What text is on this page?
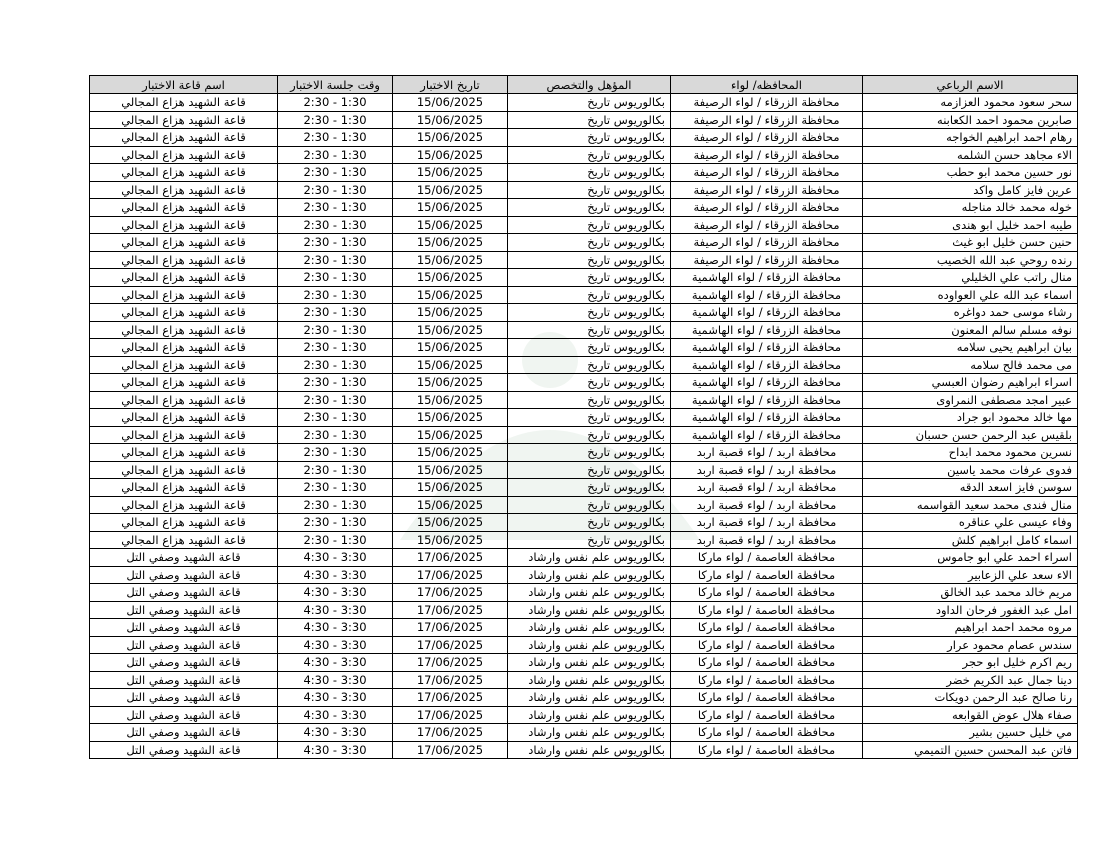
الاسم الرباعي	المحافظه/ لواء	المؤهل والتخصص	تاريخ الاختبار	وقت جلسة الاختبار	اسم قاعة الاختبار
سحر سعود محمود العزازمه	محافظة الزرقاء / لواء الرصيفة	بكالوريوس تاريخ	15/06/2025	2:30 - 1:30	قاعة الشهيد هزاع المجالي
صابرين محمود احمد الكعابنه	محافظة الزرقاء / لواء الرصيفة	بكالوريوس تاريخ	15/06/2025	2:30 - 1:30	قاعة الشهيد هزاع المجالي
رهام احمد ابراهيم الخواجه	محافظة الزرقاء / لواء الرصيفة	بكالوريوس تاريخ	15/06/2025	2:30 - 1:30	قاعة الشهيد هزاع المجالي
الاء مجاهد حسن الشلمه	محافظة الزرقاء / لواء الرصيفة	بكالوريوس تاريخ	15/06/2025	2:30 - 1:30	قاعة الشهيد هزاع المجالي
نور حسين محمد ابو حطب	محافظة الزرقاء / لواء الرصيفة	بكالوريوس تاريخ	15/06/2025	2:30 - 1:30	قاعة الشهيد هزاع المجالي
عرين فايز كامل واكد	محافظة الزرقاء / لواء الرصيفة	بكالوريوس تاريخ	15/06/2025	2:30 - 1:30	قاعة الشهيد هزاع المجالي
خوله محمد خالد مناجله	محافظة الزرقاء / لواء الرصيفة	بكالوريوس تاريخ	15/06/2025	2:30 - 1:30	قاعة الشهيد هزاع المجالي
طيبه احمد خليل ابو هندى	محافظة الزرقاء / لواء الرصيفة	بكالوريوس تاريخ	15/06/2025	2:30 - 1:30	قاعة الشهيد هزاع المجالي
حنين حسن خليل ابو غيث	محافظة الزرقاء / لواء الرصيفة	بكالوريوس تاريخ	15/06/2025	2:30 - 1:30	قاعة الشهيد هزاع المجالي
رنده روحي عبد الله الخصيب	محافظة الزرقاء / لواء الرصيفة	بكالوريوس تاريخ	15/06/2025	2:30 - 1:30	قاعة الشهيد هزاع المجالي
منال راتب علي الخليلي	محافظة الزرقاء / لواء الهاشمية	بكالوريوس تاريخ	15/06/2025	2:30 - 1:30	قاعة الشهيد هزاع المجالي
اسماء عبد الله علي العواوده	محافظة الزرقاء / لواء الهاشمية	بكالوريوس تاريخ	15/06/2025	2:30 - 1:30	قاعة الشهيد هزاع المجالي
رشاء موسى حمد دواغره	محافظة الزرقاء / لواء الهاشمية	بكالوريوس تاريخ	15/06/2025	2:30 - 1:30	قاعة الشهيد هزاع المجالي
نوفه مسلم سالم المعنون	محافظة الزرقاء / لواء الهاشمية	بكالوريوس تاريخ	15/06/2025	2:30 - 1:30	قاعة الشهيد هزاع المجالي
بيان ابراهيم يحيى سلامه	محافظة الزرقاء / لواء الهاشمية	بكالوريوس تاريخ	15/06/2025	2:30 - 1:30	قاعة الشهيد هزاع المجالي
مى محمد فالح سلامه	محافظة الزرقاء / لواء الهاشمية	بكالوريوس تاريخ	15/06/2025	2:30 - 1:30	قاعة الشهيد هزاع المجالي
اسراء ابراهيم رضوان العبسي	محافظة الزرقاء / لواء الهاشمية	بكالوريوس تاريخ	15/06/2025	2:30 - 1:30	قاعة الشهيد هزاع المجالي
عبير امجد مصطفى النمراوى	محافظة الزرقاء / لواء الهاشمية	بكالوريوس تاريخ	15/06/2025	2:30 - 1:30	قاعة الشهيد هزاع المجالي
مها خالد محمود ابو جراد	محافظة الزرقاء / لواء الهاشمية	بكالوريوس تاريخ	15/06/2025	2:30 - 1:30	قاعة الشهيد هزاع المجالي
بلقيس عبد الرحمن حسن حسبان	محافظة الزرقاء / لواء الهاشمية	بكالوريوس تاريخ	15/06/2025	2:30 - 1:30	قاعة الشهيد هزاع المجالي
نسرين محمود محمد ابداح	محافظة اربد / لواء قصبة اربد	بكالوريوس تاريخ	15/06/2025	2:30 - 1:30	قاعة الشهيد هزاع المجالي
فدوى عرفات محمد ياسين	محافظة اربد / لواء قصبة اربد	بكالوريوس تاريخ	15/06/2025	2:30 - 1:30	قاعة الشهيد هزاع المجالي
سوسن فايز اسعد الدقه	محافظة اربد / لواء قصبة اربد	بكالوريوس تاريخ	15/06/2025	2:30 - 1:30	قاعة الشهيد هزاع المجالي
منال فندى محمد سعيد القواسمه	محافظة اربد / لواء قصبة اربد	بكالوريوس تاريخ	15/06/2025	2:30 - 1:30	قاعة الشهيد هزاع المجالي
وفاء عيسى علي عناقره	محافظة اربد / لواء قصبة اربد	بكالوريوس تاريخ	15/06/2025	2:30 - 1:30	قاعة الشهيد هزاع المجالي
اسماء كامل ابراهيم كلش	محافظة اربد / لواء قصبة اربد	بكالوريوس تاريخ	15/06/2025	2:30 - 1:30	قاعة الشهيد هزاع المجالي
اسراء احمد علي ابو جاموس	محافظة العاصمة / لواء ماركا	بكالوريوس علم نفس وارشاد	17/06/2025	4:30 - 3:30	قاعة الشهيد وصفي التل
الاء سعد علي الزعابير	محافظة العاصمة / لواء ماركا	بكالوريوس علم نفس وارشاد	17/06/2025	4:30 - 3:30	قاعة الشهيد وصفي التل
مريم خالد محمد عبد الخالق	محافظة العاصمة / لواء ماركا	بكالوريوس علم نفس وارشاد	17/06/2025	4:30 - 3:30	قاعة الشهيد وصفي التل
امل عبد الغفور فرحان الداود	محافظة العاصمة / لواء ماركا	بكالوريوس علم نفس وارشاد	17/06/2025	4:30 - 3:30	قاعة الشهيد وصفي التل
مروه محمد احمد ابراهيم	محافظة العاصمة / لواء ماركا	بكالوريوس علم نفس وارشاد	17/06/2025	4:30 - 3:30	قاعة الشهيد وصفي التل
سندس عصام محمود عرار	محافظة العاصمة / لواء ماركا	بكالوريوس علم نفس وارشاد	17/06/2025	4:30 - 3:30	قاعة الشهيد وصفي التل
ريم اكرم خليل ابو حجر	محافظة العاصمة / لواء ماركا	بكالوريوس علم نفس وارشاد	17/06/2025	4:30 - 3:30	قاعة الشهيد وصفي التل
دينا جمال عبد الكريم خضر	محافظة العاصمة / لواء ماركا	بكالوريوس علم نفس وارشاد	17/06/2025	4:30 - 3:30	قاعة الشهيد وصفي التل
رنا صالح عبد الرحمن دويكات	محافظة العاصمة / لواء ماركا	بكالوريوس علم نفس وارشاد	17/06/2025	4:30 - 3:30	قاعة الشهيد وصفي التل
صفاء هلال عوض القوابعه	محافظة العاصمة / لواء ماركا	بكالوريوس علم نفس وارشاد	17/06/2025	4:30 - 3:30	قاعة الشهيد وصفي التل
مي خليل حسين بشير	محافظة العاصمة / لواء ماركا	بكالوريوس علم نفس وارشاد	17/06/2025	4:30 - 3:30	قاعة الشهيد وصفي التل
فاتن عبد المحسن حسين التميمي	محافظة العاصمة / لواء ماركا	بكالوريوس علم نفس وارشاد	17/06/2025	4:30 - 3:30	قاعة الشهيد وصفي التل
